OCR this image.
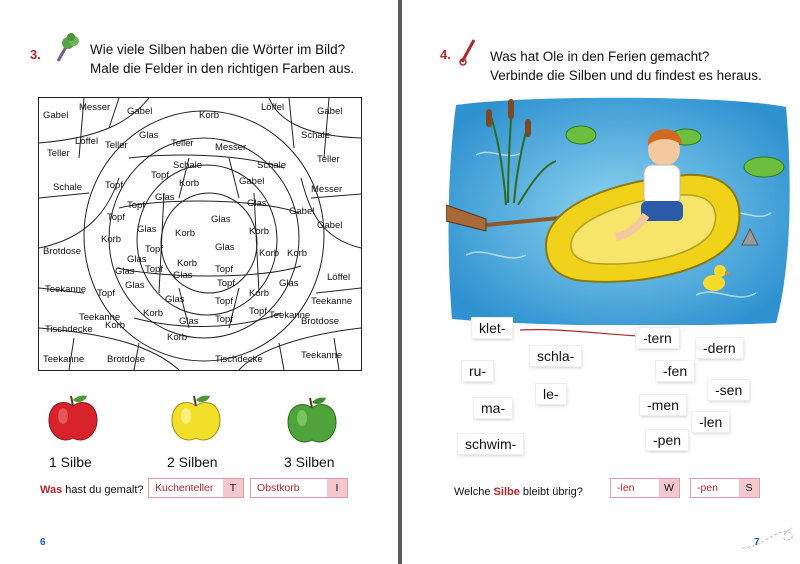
3.	Wie viele Silben haben die Wörter im Bild?
Male die Felder in den richtigen Farben aus.
Gabel
Messer Gabel	Korb
Löffel	Gabel
Teller
Löffel Teller
Glas
Teller Messer
Schale
Schale Topf
Teller
Schale	Schale
Topf
Korb	Gabel
Messer
Glas
Topf
Glas
Gabel
Topf
Glas Korb
Glas
Korb
Gabel
Korb
Topf	Glas
Korb
Glas
Korb
Brotdose
Topf
Glas
Topf
Glas
Topf
Korb
Teekanne
Glas
Korb
Glas
Topf
Löffel
Topf
Glas
Topf
Teekanne
Teekanne
Korb
Korb
Topf	Brotdose
Tischdecke
Glas
Teekanne
Korb
Teekanne Brotdose	Tischdecke	Teekanne
1 Silbe	2 Silben	3 Silben
Was hast du gemalt?	Kuchenteller	T	Obstkorb	I
6
4.	Was hat Ole in den Ferien gemacht?
Verbinde die Silben und du findest es heraus.
klet-
schla-
ru-
le-
ma-
schwim-
-tern
-dern
-fen
-sen
-men
-len
-pen
Welche Silbe bleibt übrig?	-len	W	-pen	S
7
